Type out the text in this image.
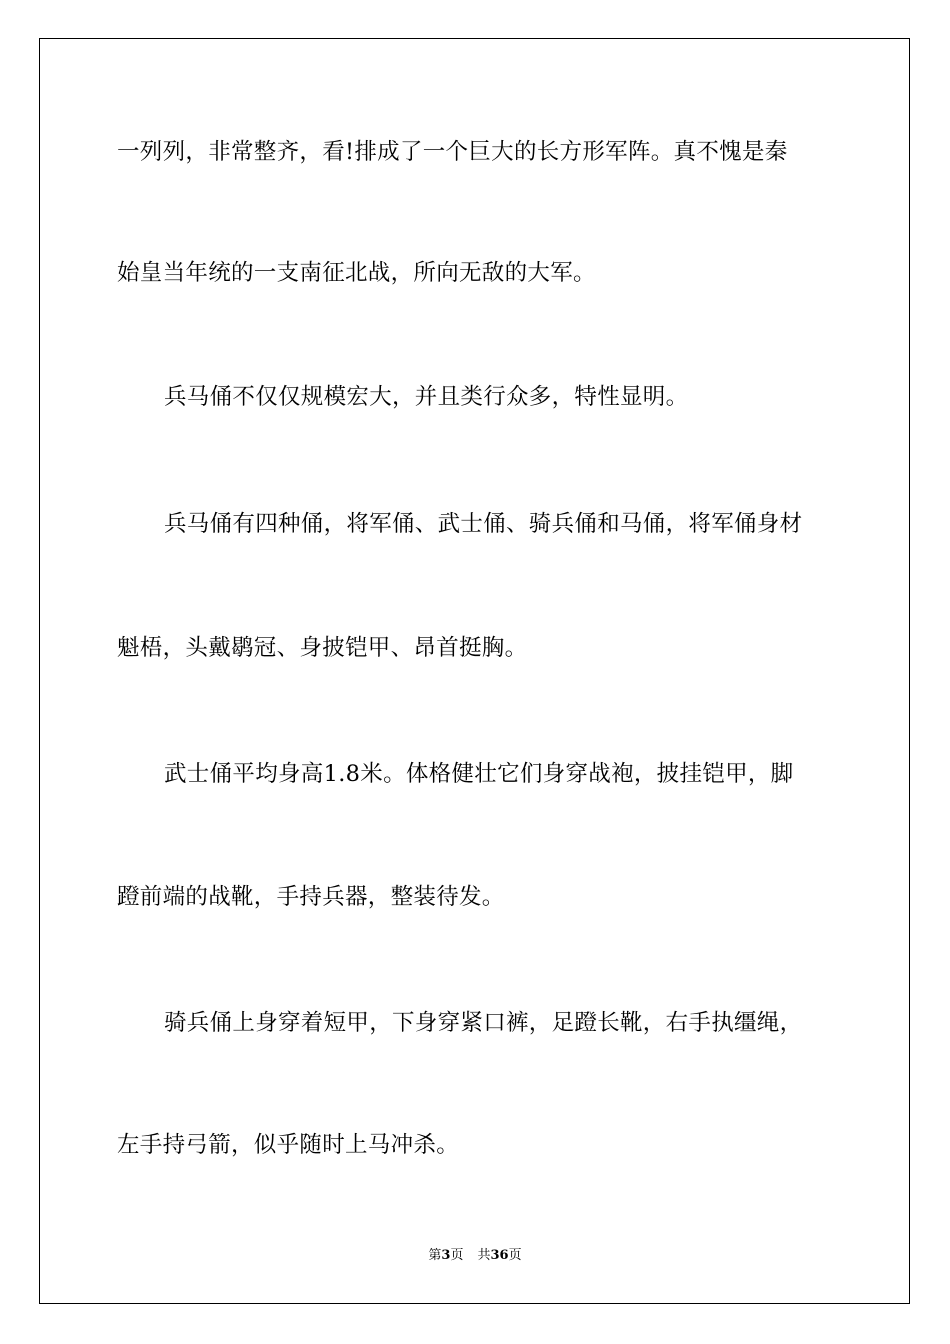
一列列，非常整齐，看!排成了一个巨大的长方形军阵。真不愧是秦
始皇当年统的一支南征北战，所向无敌的大军。
兵马俑不仅仅规模宏大，并且类行众多，特性显明。
兵马俑有四种俑，将军俑、武士俑、骑兵俑和马俑，将军俑身材
魁梧，头戴鹖冠、身披铠甲、昂首挺胸。
武士俑平均身高1.8米。体格健壮它们身穿战袍，披挂铠甲，脚
蹬前端的战靴，手持兵器，整装待发。
骑兵俑上身穿着短甲，下身穿紧口裤，足蹬长靴，右手执缰绳，
左手持弓箭，似乎随时上马冲杀。
第3页 共36页
